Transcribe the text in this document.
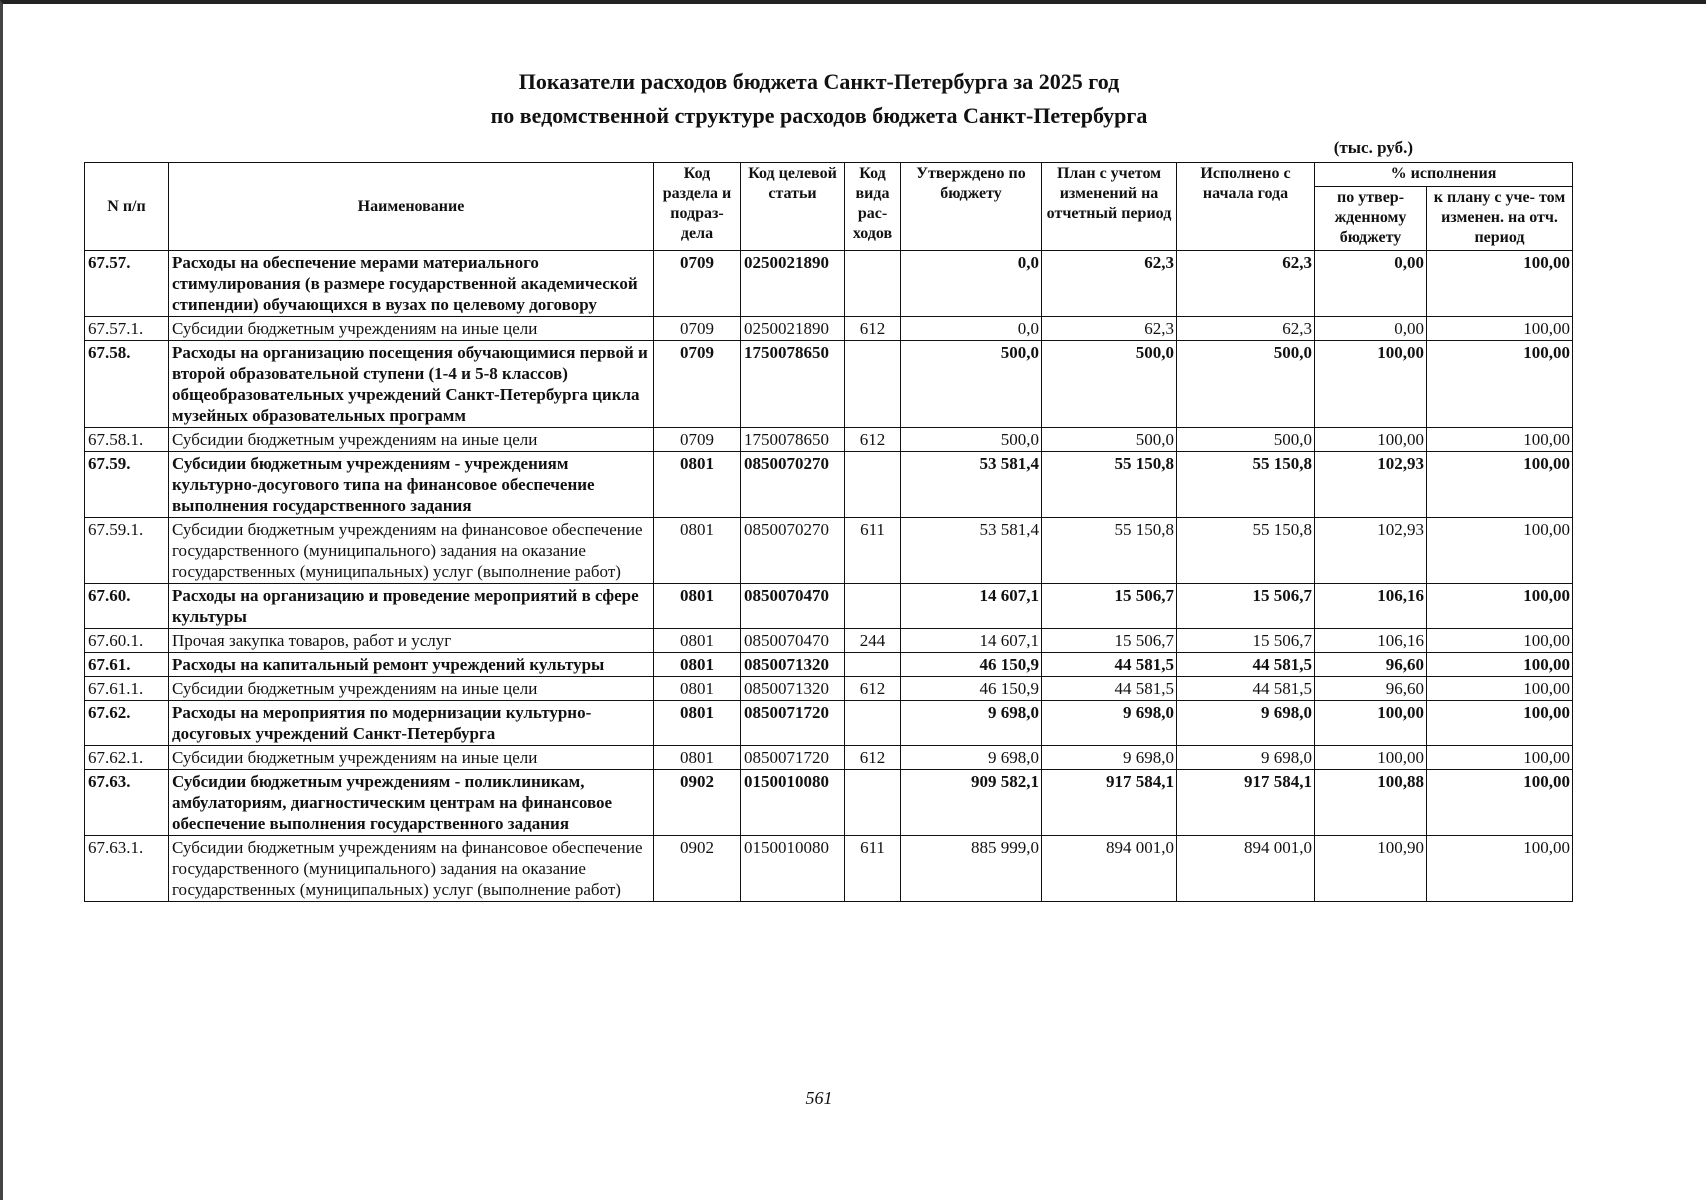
Показатели расходов бюджета Санкт-Петербурга за 2025 год
по ведомственной структуре расходов бюджета Санкт-Петербурга
(тыс. руб.)
N п/п	Наименование	Код раздела и подраз- дела	Код целевой статьи	Код вида рас- ходов	Утверждено по бюджету	План с учетом изменений на отчетный период	Исполнено с начала года	% исполнения	
								по утвер- жденному бюджету	к плану с уче- том изменен. на отч. период
67.57.	Расходы на обеспечение мерами материального стимулирования (в размере государственной академической стипендии) обучающихся в вузах по целевому договору	0709	0250021890		0,0	62,3	62,3	0,00	100,00
67.57.1.	Субсидии бюджетным учреждениям на иные цели	0709	0250021890	612	0,0	62,3	62,3	0,00	100,00
67.58.	Расходы на организацию посещения обучающимися первой и второй образовательной ступени (1-4 и 5-8 классов) общеобразовательных учреждений Санкт-Петербурга цикла музейных образовательных программ	0709	1750078650		500,0	500,0	500,0	100,00	100,00
67.58.1.	Субсидии бюджетным учреждениям на иные цели	0709	1750078650	612	500,0	500,0	500,0	100,00	100,00
67.59.	Субсидии бюджетным учреждениям - учреждениям культурно-досугового типа на финансовое обеспечение выполнения государственного задания	0801	0850070270		53 581,4	55 150,8	55 150,8	102,93	100,00
67.59.1.	Субсидии бюджетным учреждениям на финансовое обеспечение государственного (муниципального) задания на оказание государственных (муниципальных) услуг (выполнение работ)	0801	0850070270	611	53 581,4	55 150,8	55 150,8	102,93	100,00
67.60.	Расходы на организацию и проведение мероприятий в сфере культуры	0801	0850070470		14 607,1	15 506,7	15 506,7	106,16	100,00
67.60.1.	Прочая закупка товаров, работ и услуг	0801	0850070470	244	14 607,1	15 506,7	15 506,7	106,16	100,00
67.61.	Расходы на капитальный ремонт учреждений культуры	0801	0850071320		46 150,9	44 581,5	44 581,5	96,60	100,00
67.61.1.	Субсидии бюджетным учреждениям на иные цели	0801	0850071320	612	46 150,9	44 581,5	44 581,5	96,60	100,00
67.62.	Расходы на мероприятия по модернизации культурно-досуговых учреждений Санкт-Петербурга	0801	0850071720		9 698,0	9 698,0	9 698,0	100,00	100,00
67.62.1.	Субсидии бюджетным учреждениям на иные цели	0801	0850071720	612	9 698,0	9 698,0	9 698,0	100,00	100,00
67.63.	Субсидии бюджетным учреждениям - поликлиникам, амбулаториям, диагностическим центрам на финансовое обеспечение выполнения государственного задания	0902	0150010080		909 582,1	917 584,1	917 584,1	100,88	100,00
67.63.1.	Субсидии бюджетным учреждениям на финансовое обеспечение государственного (муниципального) задания на оказание государственных (муниципальных) услуг (выполнение работ)	0902	0150010080	611	885 999,0	894 001,0	894 001,0	100,90	100,00
561
